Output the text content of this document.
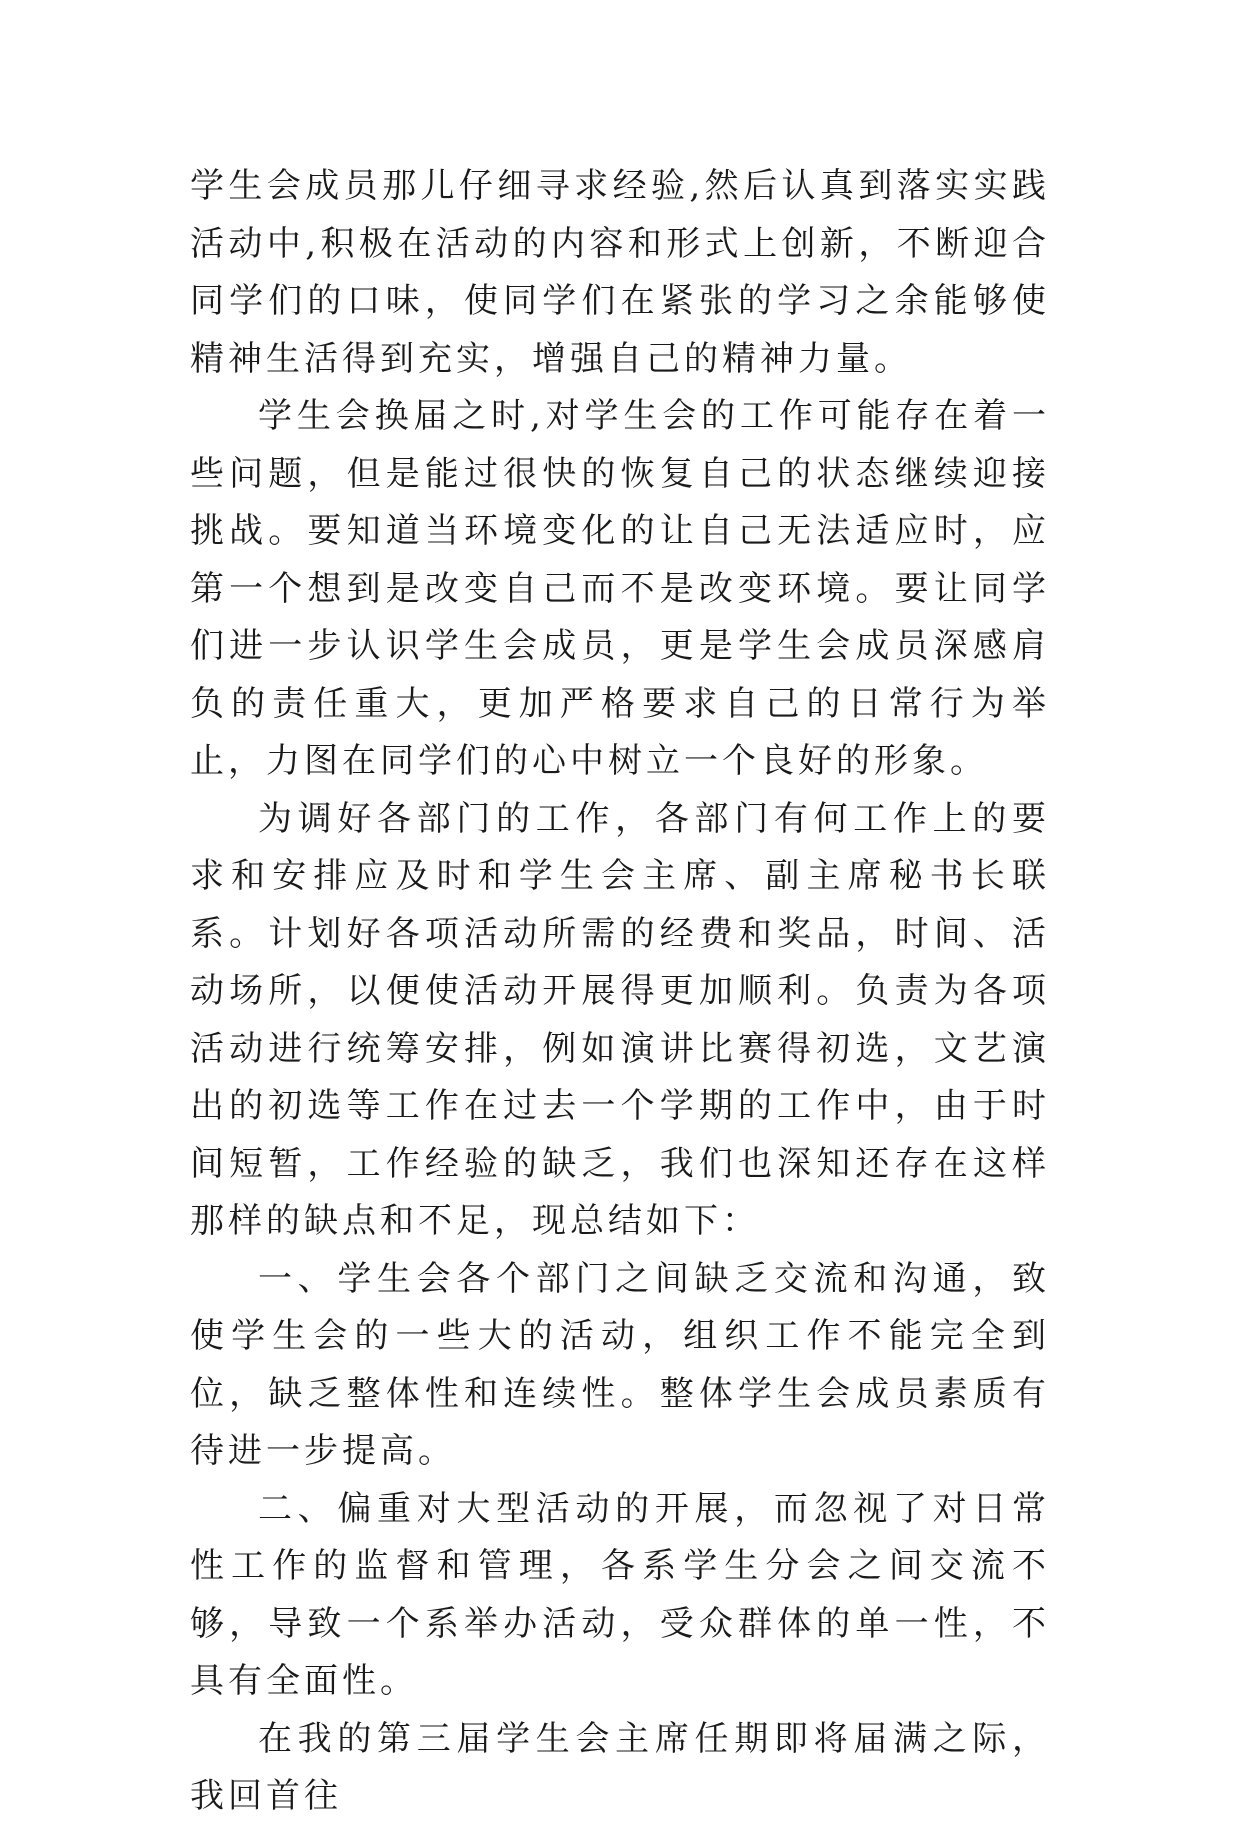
学生会成员那儿仔细寻求经验,然后认真到落实实践活动中,积极在活动的内容和形式上创新，不断迎合同学们的口味，使同学们在紧张的学习之余能够使精神生活得到充实，增强自己的精神力量。

学生会换届之时,对学生会的工作可能存在着一些问题，但是能过很快的恢复自己的状态继续迎接挑战。要知道当环境变化的让自己无法适应时，应第一个想到是改变自己而不是改变环境。要让同学们进一步认识学生会成员，更是学生会成员深感肩负的责任重大，更加严格要求自己的日常行为举止，力图在同学们的心中树立一个良好的形象。

为调好各部门的工作，各部门有何工作上的要求和安排应及时和学生会主席、副主席秘书长联系。计划好各项活动所需的经费和奖品，时间、活动场所，以便使活动开展得更加顺利。负责为各项活动进行统筹安排，例如演讲比赛得初选，文艺演出的初选等工作在过去一个学期的工作中，由于时间短暂，工作经验的缺乏，我们也深知还存在这样那样的缺点和不足，现总结如下：

一、学生会各个部门之间缺乏交流和沟通，致使学生会的一些大的活动，组织工作不能完全到位，缺乏整体性和连续性。整体学生会成员素质有待进一步提高。

二、偏重对大型活动的开展，而忽视了对日常性工作的监督和管理，各系学生分会之间交流不够，导致一个系举办活动，受众群体的单一性，不具有全面性。

在我的第三届学生会主席任期即将届满之际，我回首往
